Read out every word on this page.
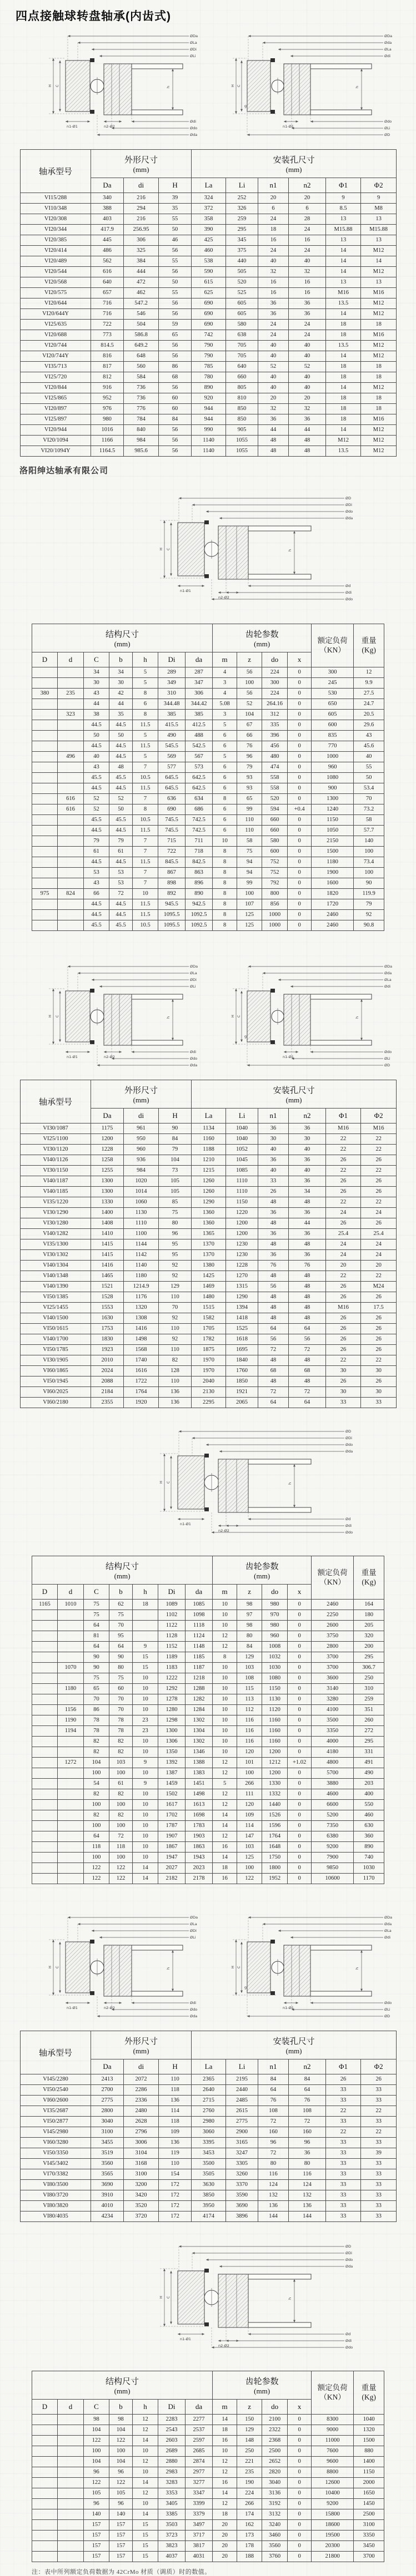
四点接触球转盘轴承(内齿式)
ØDa
ØLa
ØDi
ØLi
h
H C
n1-Ø1	n2-Ø2
Ødi
Ødo
Øda
ØDa
Øda
ØLa
Ødi
h
H C
g
n1-Ø1
Ødo
ØLi
ØD
轴承型号	
外形尺寸
(mm)

安装孔尺寸
(mm)

	Da	di	H	La	Li	n1	n2	Φ1	Φ2
VI15/288	340	216	39	324	252	20	20	9	9
VI10/348	388	294	35	372	326	6	6	8.5	M8
VI20/308	403	216	55	358	259	24	28	13	13
VI20/344	417.9	256.95	50	390	295	18	24	M15.88	M15.88
VI20/385	445	306	46	425	345	16	16	13	13
VI20/414	486	325	56	460	375	24	24	14	M12
VI20/489	562	384	55	538	440	40	40	14	14
VI20/544	616	444	56	590	505	32	32	14	M12
VI20/568	640	472	50	615	520	16	16	13	13
VI20/575	657	462	55	625	525	16	16	M16	M16
VI20/644	716	547.2	56	690	605	36	36	13.5	M12
VI20/644Y	716	546	56	690	605	36	36	14	M12
VI25/635	722	504	59	690	580	24	24	18	18
VI20/688	773	586.8	65	742	638	24	24	18	M16
VI20/744	814.5	649.2	56	790	705	40	40	13.5	M12
VI20/744Y	816	648	56	790	705	40	40	14	M12
VI35/713	817	560	86	785	640	52	52	18	18
VI25/720	812	584	68	780	660	40	40	18	18
VI20/844	916	736	56	890	805	40	40	14	M12
VI25/865	952	736	60	920	810	20	20	18	18
VI20/897	976	776	60	944	850	32	32	18	18
VI25/897	980	784	84	944	850	36	36	18	M16
VI20/944	1016	840	56	990	905	44	44	14	M12
VI20/1094	1166	984	56	1140	1055	48	48	M12	M12
VI20/1094Y	1164.5	985.6	56	1140	1055	48	48	13.5	M12
洛阳绅达轴承有限公司
ØD
ØDi
Ødo
Øda
h
H C
n1-Ø1
n2-Ø2
Ød
Ødi
Ødo
结构尺寸
(mm)

齿轮参数
(mm)	额定负荷
（KN）

重量
(Kg)

D	d	C	b	h	Di	da	m	z	do	x		
		34	34	5	289	287	4	56	224	0	300	12
		30	30	5	349	347	3	100	300	0	245	9.9
380	235	43	42	8	310	306	4	56	224	0	530	27.5
		44	44	6	344.48	344.42	5.08	52	264.16	0	650	24.7
	323	38	35	8	385	385	3	104	312	0	605	20.5
		44.5	44.5	11.5	415.5	412.5	5	67	335	0	600	29.6
		50	50	5	490	488	6	66	396	0	835	43
		44.5	44.5	11.5	545.5	542.5	6	76	456	0	770	45.6
	496	40	44.5	5	569	567	5	96	480	0	1000	40
		43	48	7	577	573	6	79	474	0	960	55
		45.5	45.5	10.5	645.5	642.5	6	93	558	0	1080	50
		44.5	44.5	11.5	645.5	642.5	6	93	558	0	900	53.4
	616	52	52	7	636	634	8	65	520	0	1300	70
	616	52	50	8	690	686	6	99	594	+0.4	1240	73.2
		45.5	45.5	10.5	745.5	742.5	6	110	660	0	1150	58
		44.5	44.5	11.5	745.5	742.5	6	110	660	0	1050	57.7
		79	79	7	715	711	10	58	580	0	2150	140
		61	61	7	722	718	8	75	600	0	1500	100
		44.5	44.5	11.5	845.5	842.5	8	94	752	0	1180	73.4
		53	53	7	867	863	8	94	752	0	1900	100
		43	53	7	898	896	8	99	792	0	1600	90
975	824	66	72	10	892	890	8	100	800	0	1820	119.9
		44.5	44.5	11.5	945.5	942.5	8	107	856	0	1720	79
		44.5	44.5	11.5	1095.5	1092.5	8	125	1000	0	2460	92
		45.5	45.5	10.5	1095.5	1092.5	8	125	1000	0	2460	90.8
ØDa
ØLa
ØDi
ØLi
h
H C
n1-Ø1	n2-Ø2
Ødi
Ødo
Øda
ØDa
Øda
ØLa
Ødi
h
H C
g
n1-Ø1
Ødo
ØLi
ØD
轴承型号	
外形尺寸
(mm)

安装孔尺寸
(mm)

	Da	di	H	La	Li	n1	n2	Φ1	Φ2
VI30/1087	1175	961	90	1134	1040	36	36	M16	M16
VI25/1100	1200	950	84	1160	1040	30	30	22	22
VI30/1120	1228	960	79	1188	1052	40	40	22	22
VI40/1126	1258	936	104	1210	1045	36	36	26	26
VI30/1150	1255	984	73	1215	1085	40	40	22	22
VI40/1187	1300	1020	105	1260	1110	33	36	26	26
VI40/1185	1300	1014	105	1260	1110	26	34	26	26
VI35/1220	1330	1060	85	1290	1150	48	48	22	22
VI30/1290	1400	1130	75	1360	1220	36	36	24	24
VI30/1280	1408	1110	80	1360	1200	48	44	26	26
VI40/1282	1410	1100	96	1365	1200	36	36	25.4	25.4
VI35/1300	1415	1144	95	1370	1230	48	48	24	24
VI30/1302	1415	1142	95	1370	1230	36	36	24	24
VI40/1304	1416	1140	92	1380	1228	76	76	20	20
VI40/1348	1465	1180	92	1425	1270	48	48	22	22
VI40/1390	1521	1214.9	129	1469	1315	56	48	26	M24
VI50/1385	1528	1176	110	1480	1290	48	48	26	26
VI25/1455	1553	1320	70	1515	1394	48	48	M16	17.5
VI40/1500	1630	1308	92	1582	1418	48	48	26	26
VI50/1615	1753	1416	110	1705	1525	64	64	26	26
VI40/1700	1830	1498	92	1782	1618	56	56	26	26
VI50/1785	1923	1568	110	1875	1695	72	72	26	26
VI30/1905	2010	1740	82	1970	1840	48	48	22	22
VI60/1865	2024	1616	128	1970	1760	68	68	30	30
VI50/1945	2088	1722	110	2040	1850	48	48	26	26
VI60/2025	2184	1764	136	2130	1921	72	72	30	30
VI60/2180	2355	1920	136	2295	2065	64	64	33	33
ØD
ØDi
Ødo
Øda
h
H C
n1-Ø1
n2-Ø2
Ød
Ødi
Ødo
结构尺寸
(mm)

齿轮参数
(mm)	额定负荷
（KN）

重量
(Kg)

D	d	C	b	h	Di	da	m	z	do	x		
1165	1010	75	62	18	1089	1085	10	98	980	0	2460	164
		75	75		1102	1098	10	97	970	0	2250	180
		64	70		1122	1118	10	98	980	0	2600	205
		81	95		1128	1124	12	80	960	0	3750	320
		64	64	9	1152	1148	12	84	1008	0	2800	200
		90	90	15	1189	1185	8	129	1032	0	3700	295
	1070	90	80	15	1183	1187	10	103	1030	0	3700	306.7
		75	75	10	1222	1218	10	108	1080	0	3600	250
	1180	65	60	10	1292	1288	10	115	1150	0	3140	310
		70	70	10	1278	1282	10	113	1130	0	3280	259
	1156	86	70	10	1280	1284	10	112	1120	0	4100	351
	1190	78	78	23	1298	1302	10	116	1160	0	3500	260
	1194	78	78	23	1300	1304	10	116	1160	0	3350	272
		82	82	10	1306	1302	10	116	1160	0	4000	295
		82	82	10	1350	1346	10	120	1200	0	4180	331
	1272	104	103	9	1392	1388	12	101	1212	+1.02	4800	491
		100	100	10	1387	1383	12	100	1200	0	5700	490
		54	61	9	1459	1451	5	266	1330	0	3880	203
		82	82	10	1502	1498	12	111	1332	0	4600	400
		100	100	10	1617	1613	12	120	1440	0	6600	550
		82	82	10	1702	1698	14	109	1526	0	5200	460
		100	100	10	1787	1783	14	114	1596	0	7350	630
		64	72	10	1907	1903	12	147	1764	0	6380	360
		118	118	10	1867	1863	16	103	1648	0	9200	890
		100	100	10	1947	1943	14	125	1750	0	7900	740
		122	122	14	2027	2023	18	100	1800	0	9850	1030
		122	122	14	2182	2178	16	122	1952	0	10600	1170
ØDa
ØLa
ØDi
ØLi
h
H C
n1-Ø1	n2-Ø2
Ødi
Ødo
Øda
ØDa
Øda
ØLa
Ødi
h
H C
g
n1-Ø1
Ødo
ØLi
ØD
轴承型号	
外形尺寸
(mm)

安装孔尺寸
(mm)

	Da	di	H	La	Li	n1	n2	Φ1	Φ2
VI45/2280	2413	2072	110	2365	2195	84	84	26	26
VI50/2540	2700	2286	118	2640	2440	64	64	33	33
VI60/2600	2775	2336	136	2715	2485	76	76	33	33
VI35/2687	2800	2480	114	2760	2615	108	108	22	22
VI50/2877	3040	2628	118	2980	2775	72	72	33	33
VI45/2980	3100	2796	109	3060	2900	160	160	22	22
VI60/3280	3455	3006	136	3395	3165	96	96	33	33
VI50/3350	3519	3104	119	3453	3247	72	36	33	39
VI45/3402	3560	3168	110	3500	3305	80	80	33	33
VI70/3382	3565	3100	154	3505	3260	116	116	33	33
VI80/3500	3690	3200	172	3630	3370	124	124	33	33
VI80/3720	3910	3420	172	3850	3590	132	132	33	33
VI80/3820	4010	3520	172	3950	3690	136	136	33	33
VI80/4035	4234	3720	172	4174	3896	144	144	33	33
ØD
ØDi
Ødo
Øda
h
H C
n1-Ø1
n2-Ø2
Ød
Ødi
Ødo
结构尺寸
(mm)

齿轮参数
(mm)	额定负荷
（KN）

重量
(Kg)

D	d	C	b	h	Di	da	m	z	do	x		
		98	98	12	2283	2277	14	150	2100	0	8300	1040
		104	104	12	2543	2537	18	129	2322	0	9000	1320
		122	122	14	2603	2597	16	148	2368	0	11000	1500
		100	100	10	2689	2685	10	250	2500	0	7600	880
		104	104	12	2880	2874	12	221	2652	0	9600	1400
		96	96	10	2983	2977	12	235	2820	0	8800	1150
		122	122	14	3283	3277	16	190	3040	0	12600	2000
		105	105	12	3353	3347	14	224	3136	0	10400	1650
		96	96	10	3405	3399	12	266	3192	0	9200	1450
		140	140	14	3385	3379	18	174	3132	0	15800	2500
		157	157	15	3503	3497	20	162	3240	0	18600	3100
		157	157	15	3723	3717	20	173	3460	0	19500	3350
		157	157	15	3823	3817	20	178	3560	0	20300	3450
		157	157	15	4037	4031	20	188	3760	0	21800	3700
注：表中所列额定负荷数据为 42CrMo 材质（调质）时的数值。
